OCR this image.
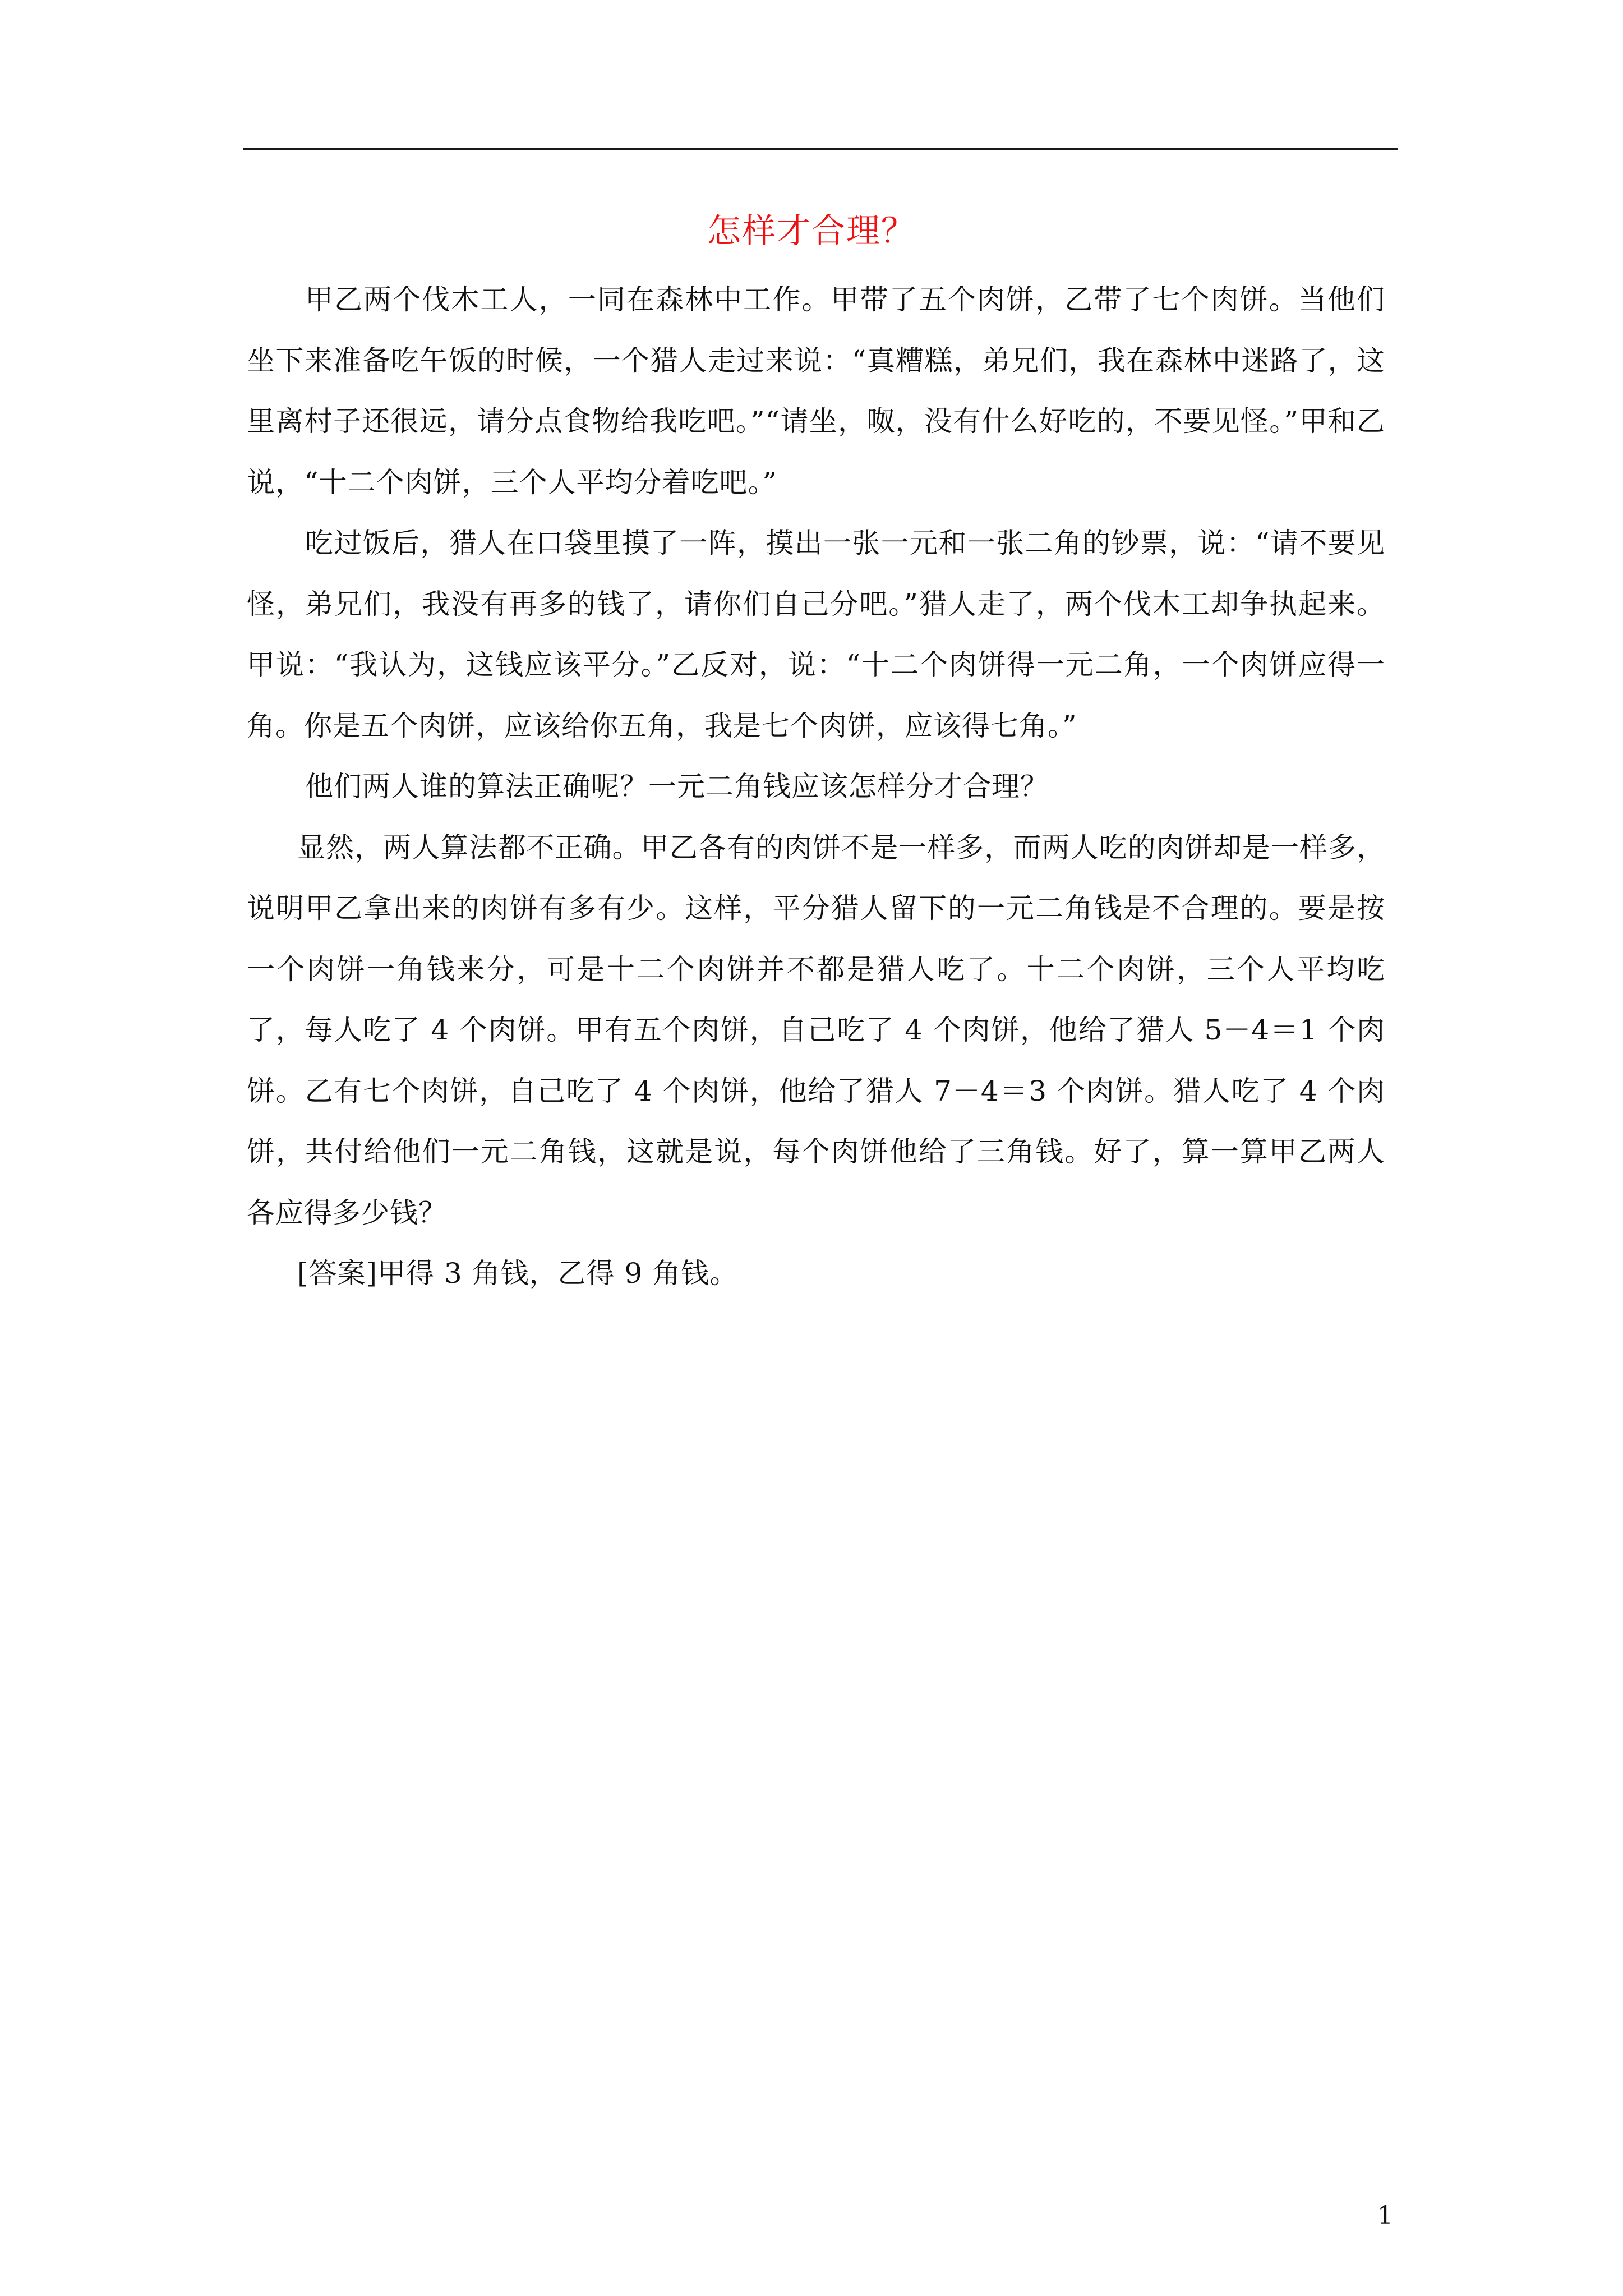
怎样才合理？

甲乙两个伐木工人，一同在森林中工作。甲带了五个肉饼，乙带了七个肉饼。当他们坐下来准备吃午饭的时候，一个猎人走过来说：“真糟糕，弟兄们，我在森林中迷路了，这里离村子还很远，请分点食物给我吃吧。”“请坐，呶，没有什么好吃的，不要见怪。”甲和乙说，“十二个肉饼，三个人平均分着吃吧。”

吃过饭后，猎人在口袋里摸了一阵，摸出一张一元和一张二角的钞票，说：“请不要见怪，弟兄们，我没有再多的钱了，请你们自己分吧。”猎人走了，两个伐木工却争执起来。甲说：“我认为，这钱应该平分。”乙反对，说：“十二个肉饼得一元二角，一个肉饼应得一角。你是五个肉饼，应该给你五角，我是七个肉饼，应该得七角。”

他们两人谁的算法正确呢？一元二角钱应该怎样分才合理？

显然，两人算法都不正确。甲乙各有的肉饼不是一样多，而两人吃的肉饼却是一样多，说明甲乙拿出来的肉饼有多有少。这样，平分猎人留下的一元二角钱是不合理的。要是按一个肉饼一角钱来分，可是十二个肉饼并不都是猎人吃了。十二个肉饼，三个人平均吃了，每人吃了 4 个肉饼。甲有五个肉饼，自己吃了 4 个肉饼，他给了猎人 5－4＝1 个肉饼。乙有七个肉饼，自己吃了 4 个肉饼，他给了猎人 7－4＝3 个肉饼。猎人吃了 4 个肉饼，共付给他们一元二角钱，这就是说，每个肉饼他给了三角钱。好了，算一算甲乙两人各应得多少钱？

[答案]甲得 3 角钱，乙得 9 角钱。

1
